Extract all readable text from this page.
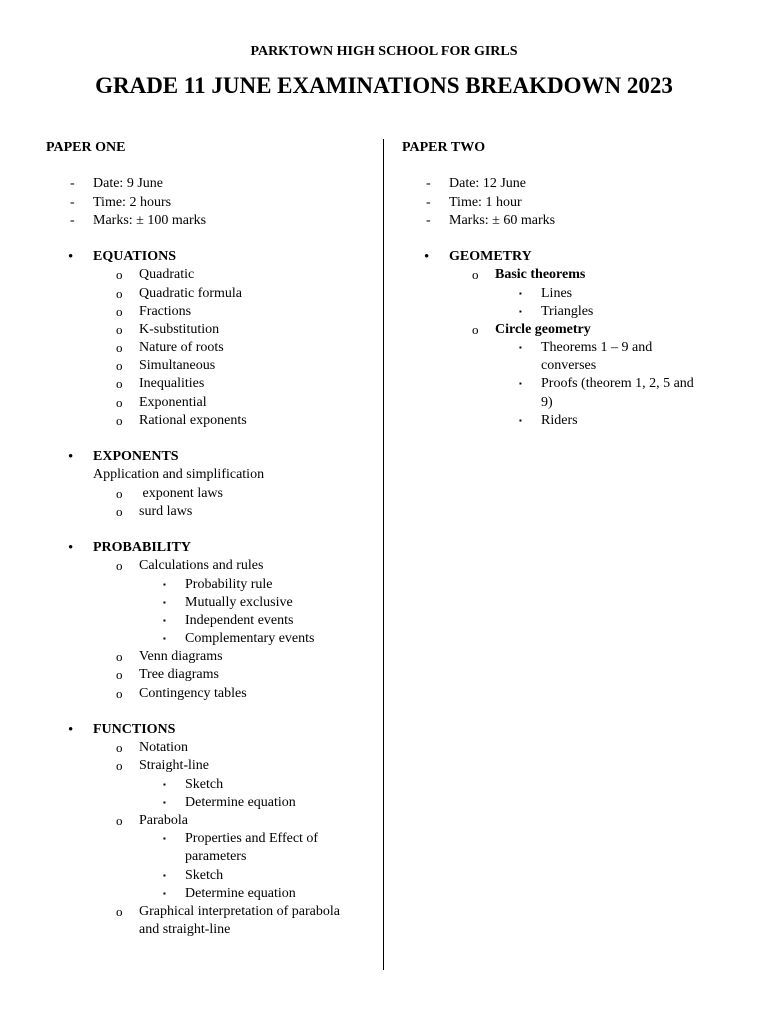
PARKTOWN HIGH SCHOOL FOR GIRLS
GRADE 11 JUNE EXAMINATIONS BREAKDOWN 2023
PAPER ONE
- Date: 9 June
- Time: 2 hours
- Marks: ± 100 marks
• EQUATIONS
o Quadratic
o Quadratic formula
o Fractions
o K-substitution
o Nature of roots
o Simultaneous
o Inequalities
o Exponential
o Rational exponents
• EXPONENTS
Application and simplification
o exponent laws
o surd laws
• PROBABILITY
o Calculations and rules
▪ Probability rule
▪ Mutually exclusive
▪ Independent events
▪ Complementary events
o Venn diagrams
o Tree diagrams
o Contingency tables
• FUNCTIONS
o Notation
o Straight-line
▪ Sketch
▪ Determine equation
o Parabola
▪ Properties and Effect of
parameters
▪ Sketch
▪ Determine equation
o Graphical interpretation of parabola
and straight-line
PAPER TWO
- Date: 12 June
- Time: 1 hour
- Marks: ± 60 marks
• GEOMETRY
o Basic theorems
▪ Lines
▪ Triangles
o Circle geometry
▪ Theorems 1 – 9 and
converses
▪ Proofs (theorem 1, 2, 5 and
9)
▪ Riders
